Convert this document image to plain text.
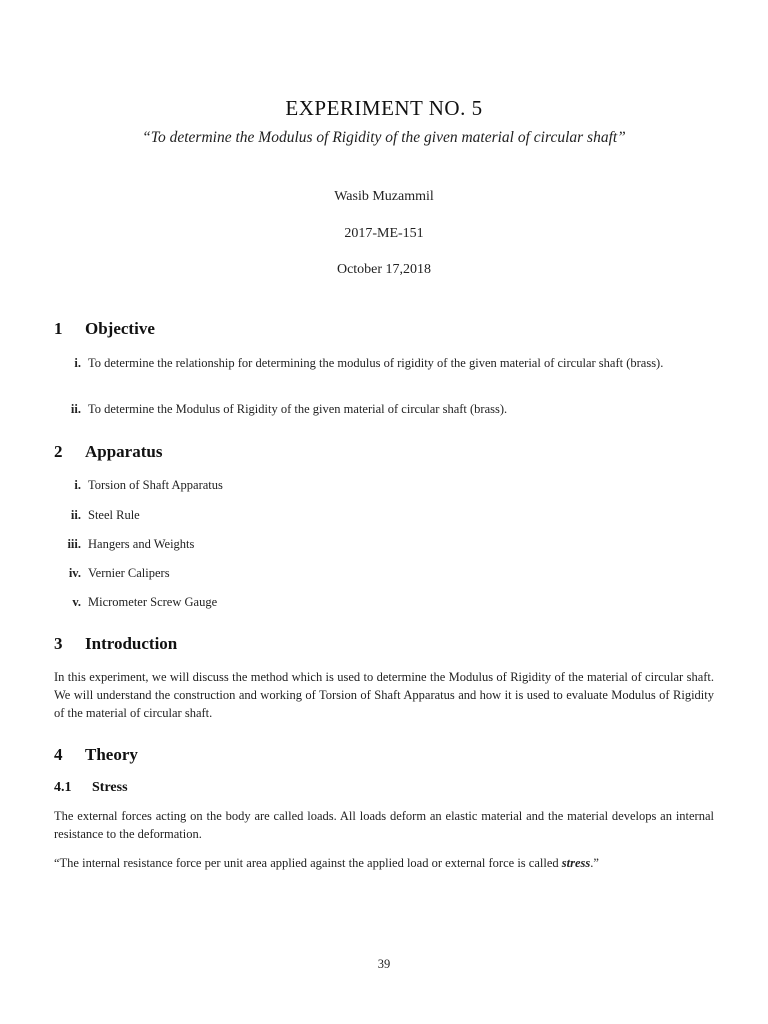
EXPERIMENT NO. 5
“To determine the Modulus of Rigidity of the given material of circular shaft”
Wasib Muzammil
2017-ME-151
October 17,2018
1 Objective
i. To determine the relationship for determining the modulus of rigidity of the given material of circular shaft (brass).
ii. To determine the Modulus of Rigidity of the given material of circular shaft (brass).
2 Apparatus
i. Torsion of Shaft Apparatus
ii. Steel Rule
iii. Hangers and Weights
iv. Vernier Calipers
v. Micrometer Screw Gauge
3 Introduction
In this experiment, we will discuss the method which is used to determine the Modulus of Rigidity of the material of circular shaft. We will understand the construction and working of Torsion of Shaft Apparatus and how it is used to evaluate Modulus of Rigidity of the material of circular shaft.
4 Theory
4.1 Stress
The external forces acting on the body are called loads. All loads deform an elastic material and the material develops an internal resistance to the deformation.
“The internal resistance force per unit area applied against the applied load or external force is called stress.”
39
